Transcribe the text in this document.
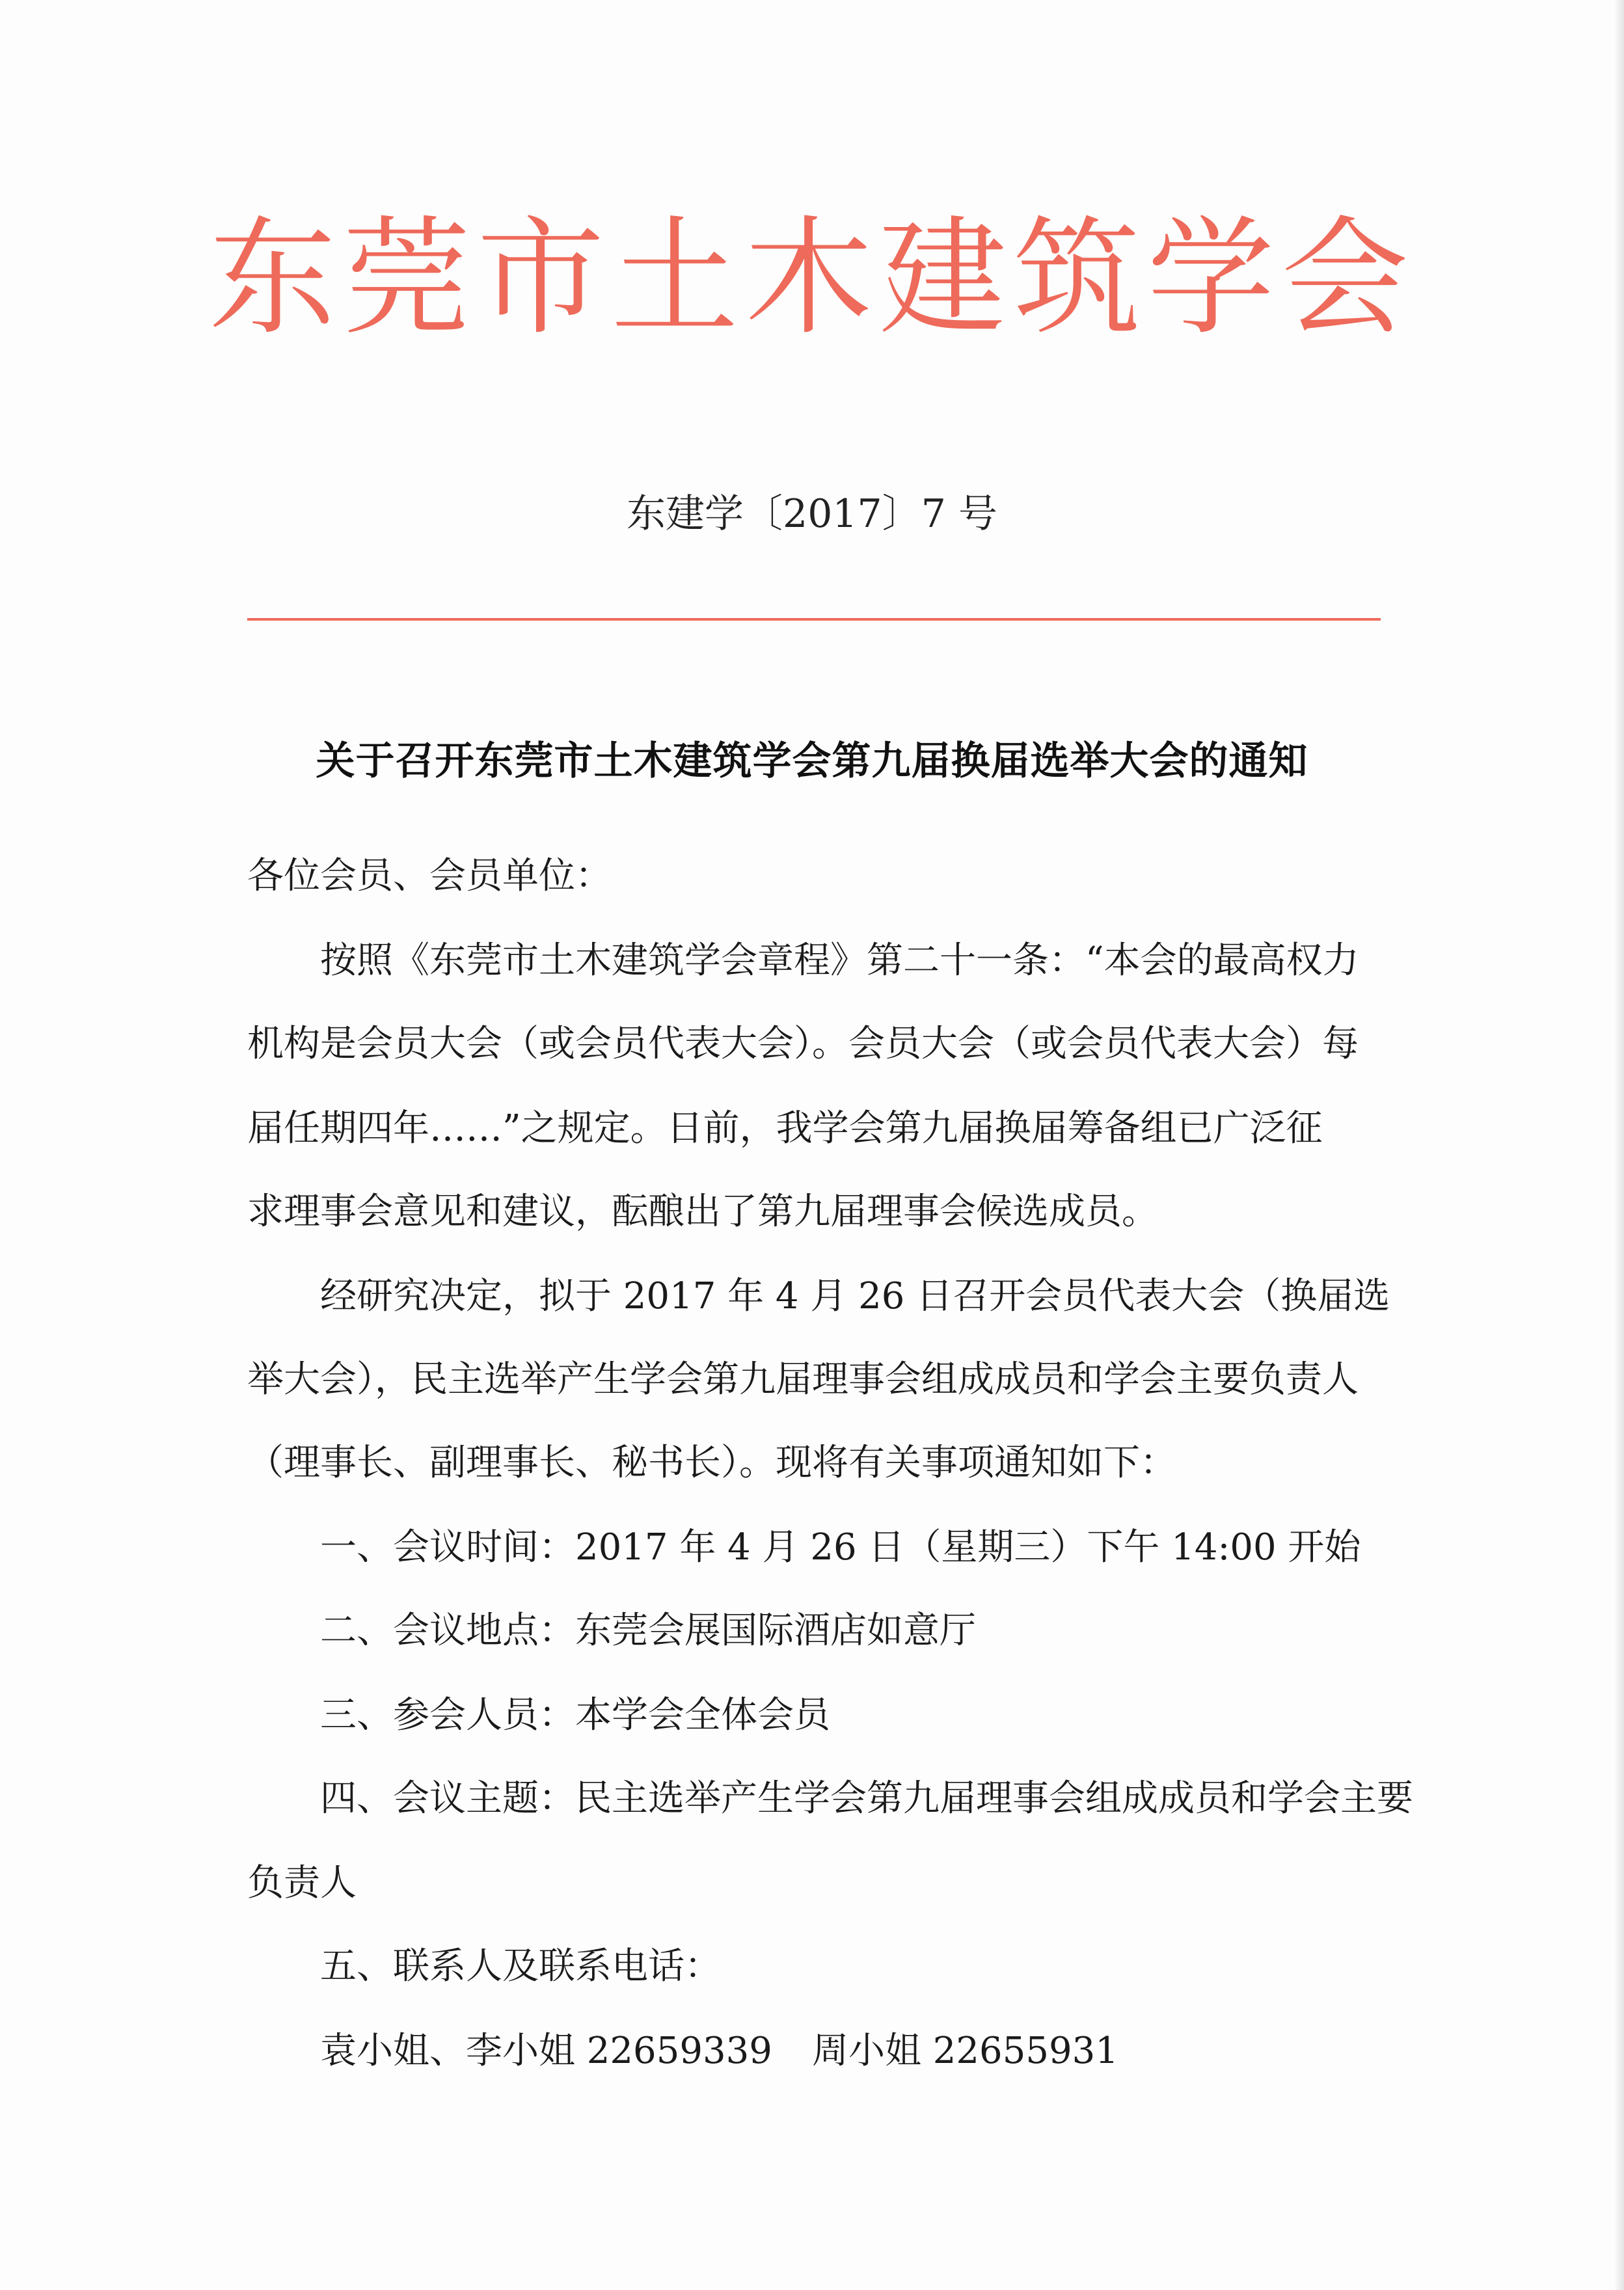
东莞市土木建筑学会
东建学〔2017〕7 号
关于召开东莞市土木建筑学会第九届换届选举大会的通知
各位会员、会员单位：
按照《东莞市土木建筑学会章程》第二十一条：“本会的最高权力
机构是会员大会（或会员代表大会）。会员大会（或会员代表大会）每
届任期四年……”之规定。日前，我学会第九届换届筹备组已广泛征
求理事会意见和建议，酝酿出了第九届理事会候选成员。
经研究决定，拟于 2017 年 4 月 26 日召开会员代表大会（换届选
举大会），民主选举产生学会第九届理事会组成成员和学会主要负责人
（理事长、副理事长、秘书长）。现将有关事项通知如下：
一、会议时间：2017 年 4 月 26 日（星期三）下午 14:00 开始
二、会议地点：东莞会展国际酒店如意厅
三、参会人员：本学会全体会员
四、会议主题：民主选举产生学会第九届理事会组成成员和学会主要
负责人
五、联系人及联系电话：
袁小姐、李小姐 22659339 周小姐 22655931
